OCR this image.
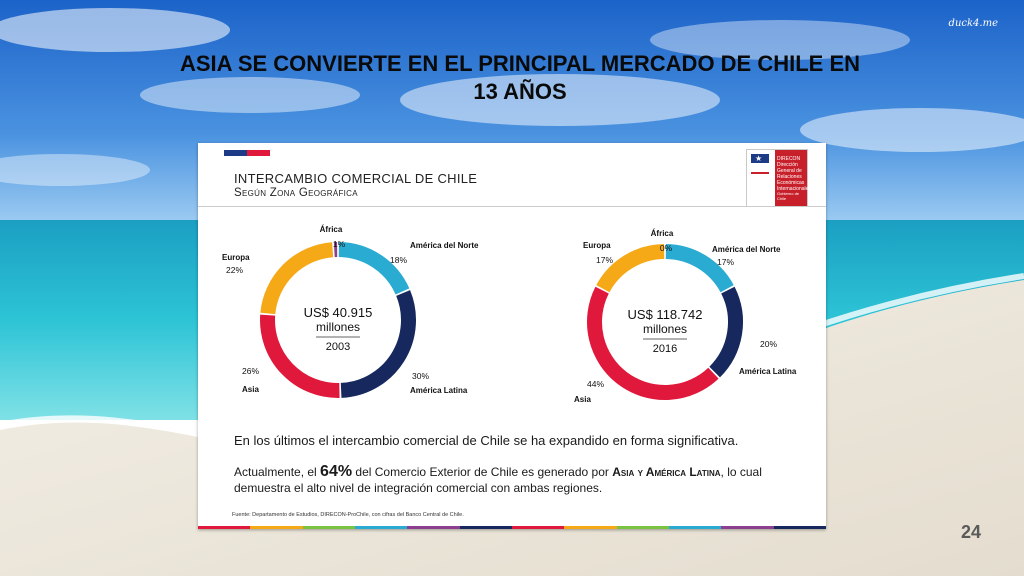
duck4.me
ASIA SE CONVIERTE EN EL PRINCIPAL MERCADO DE CHILE EN
13 AÑOS
INTERCAMBIO COMERCIAL DE CHILE
Según Zona Geográfica
★	DIRECON Dirección General de Relaciones Económicas Internacionales
Gobierno de Chile
América del Norte
18%
América Latina
30%
Asia
26%
Europa
22%
África
1%
US$ 40.915
millones
2003
América del Norte
17%
América Latina
20%
Asia
44%
Europa
17%
África
0%
US$ 118.742
millones
2016
En los últimos el intercambio comercial de Chile se ha expandido en forma significativa.
Actualmente, el 64% del Comercio Exterior de Chile es generado por Asia y América Latina, lo cual demuestra el alto nivel de integración comercial con ambas regiones.
Fuente: Departamento de Estudios, DIRECON-ProChile, con cifras del Banco Central de Chile.
24
